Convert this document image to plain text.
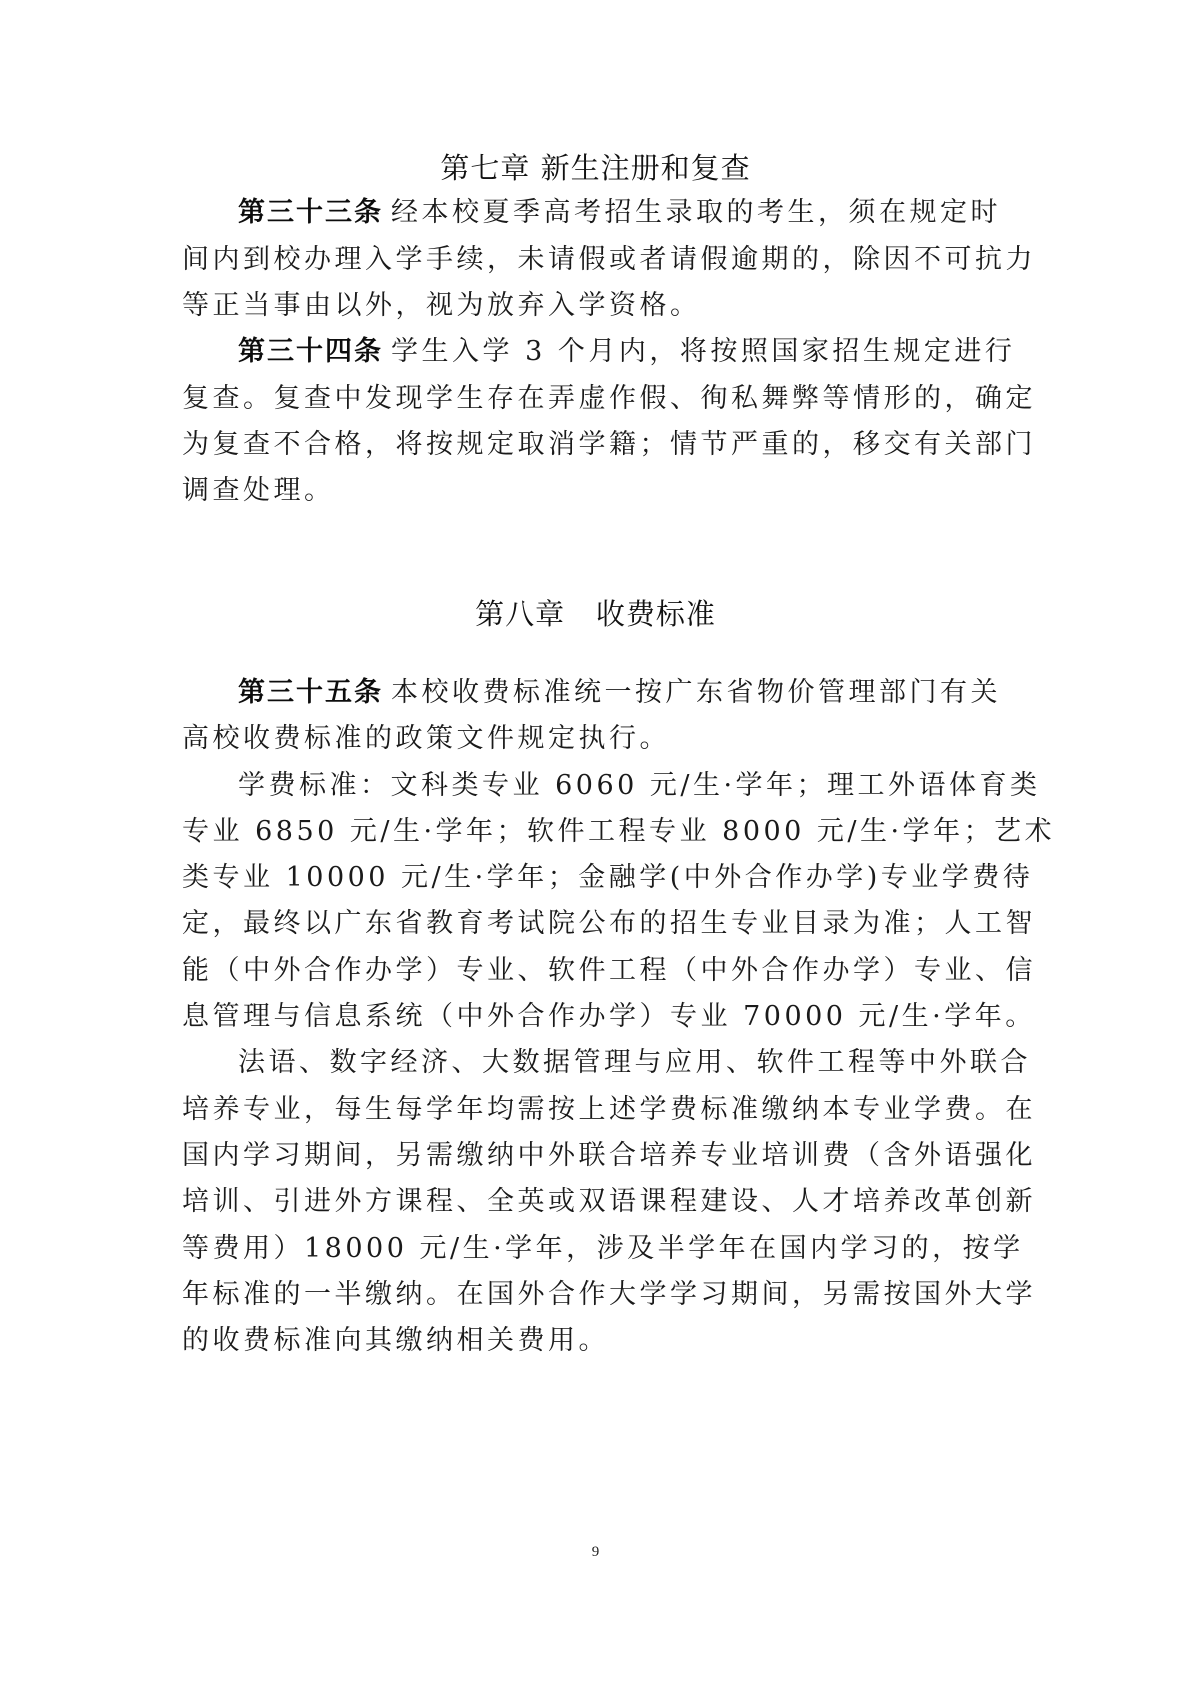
第七章 新生注册和复查
第三十三条 经本校夏季高考招生录取的考生，须在规定时
间内到校办理入学手续，未请假或者请假逾期的，除因不可抗力
等正当事由以外，视为放弃入学资格。
第三十四条 学生入学 3 个月内，将按照国家招生规定进行
复查。复查中发现学生存在弄虚作假、徇私舞弊等情形的，确定
为复查不合格，将按规定取消学籍；情节严重的，移交有关部门
调查处理。
第八章   收费标准
第三十五条 本校收费标准统一按广东省物价管理部门有关
高校收费标准的政策文件规定执行。
学费标准：文科类专业 6060 元/生·学年；理工外语体育类
专业 6850 元/生·学年；软件工程专业 8000 元/生·学年；艺术
类专业 10000 元/生·学年；金融学(中外合作办学)专业学费待
定，最终以广东省教育考试院公布的招生专业目录为准；人工智
能（中外合作办学）专业、软件工程（中外合作办学）专业、信
息管理与信息系统（中外合作办学）专业 70000 元/生·学年。
法语、数字经济、大数据管理与应用、软件工程等中外联合
培养专业，每生每学年均需按上述学费标准缴纳本专业学费。在
国内学习期间，另需缴纳中外联合培养专业培训费（含外语强化
培训、引进外方课程、全英或双语课程建设、人才培养改革创新
等费用）18000 元/生·学年，涉及半学年在国内学习的，按学
年标准的一半缴纳。在国外合作大学学习期间，另需按国外大学
的收费标准向其缴纳相关费用。
9
